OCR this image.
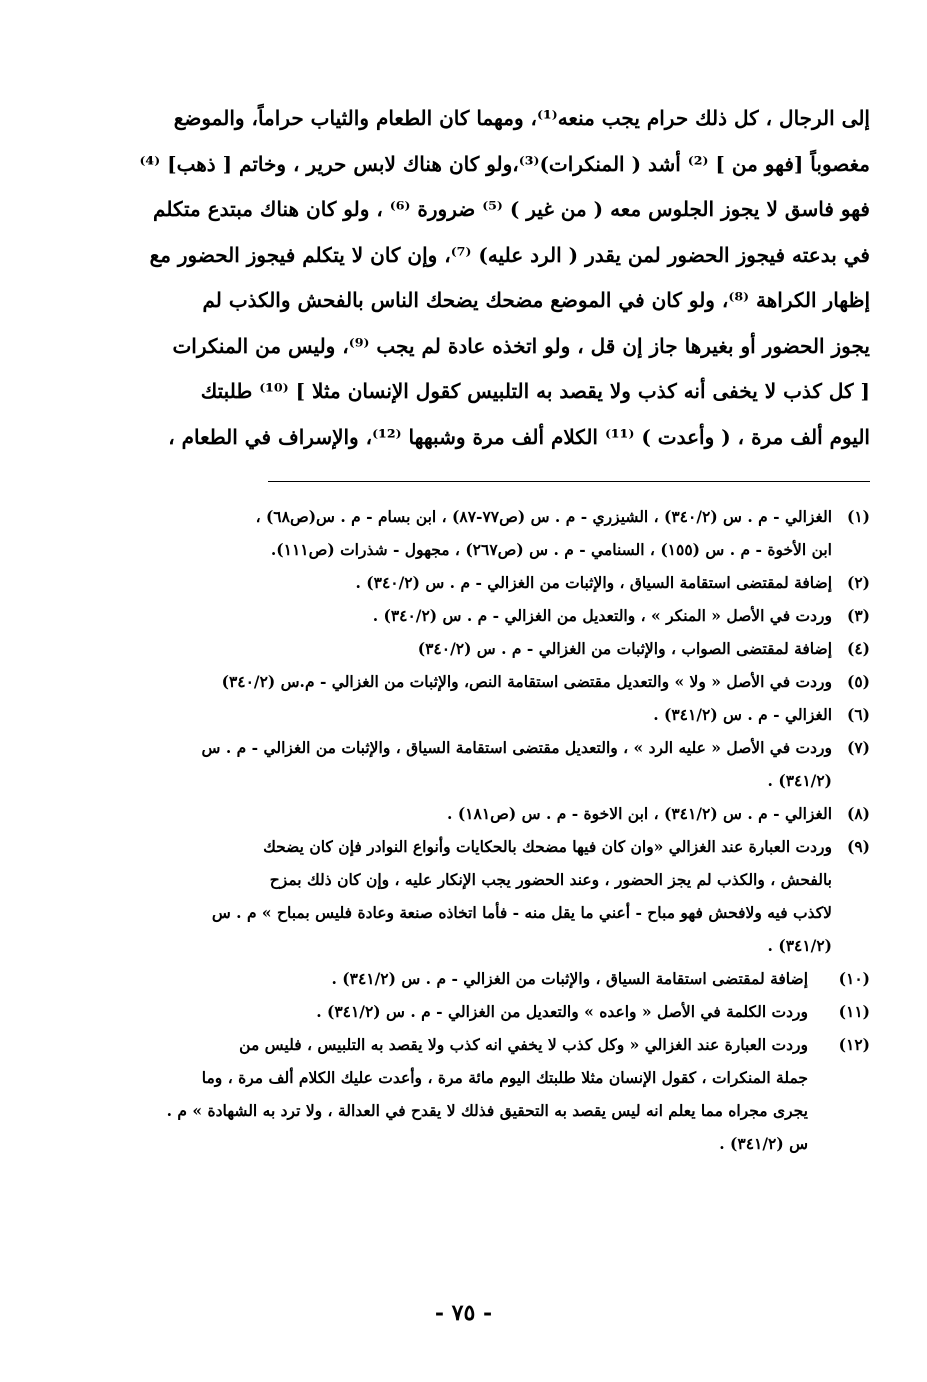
إلى الرجال ، كل ذلك حرام يجب منعه⁽¹⁾، ومهما كان الطعام والثياب حراماً، والموضع
مغصوباً [فهو من ] ⁽²⁾ أشد ( المنكرات)⁽³⁾،ولو كان هناك لابس حرير ، وخاتم [ ذهب] ⁽⁴⁾
فهو فاسق لا يجوز الجلوس معه ( من غير ) ⁽⁵⁾ ضرورة ⁽⁶⁾ ، ولو كان هناك مبتدع متكلم
في بدعته فيجوز الحضور لمن يقدر ( الرد عليه) ⁽⁷⁾، وإن كان لا يتكلم فيجوز الحضور مع
إظهار الكراهة ⁽⁸⁾، ولو كان في الموضع مضحك يضحك الناس بالفحش والكذب لم
يجوز الحضور أو بغيرها جاز إن قل ، ولو اتخذه عادة لم يجب ⁽⁹⁾، وليس من المنكرات
[ كل كذب لا يخفى أنه كذب ولا يقصد به التلبيس كقول الإنسان مثلا ] ⁽¹⁰⁾ طلبتك
اليوم ألف مرة ، ( وأعدت ) ⁽¹¹⁾ الكلام ألف مرة وشبهها ⁽¹²⁾، والإسراف في الطعام ،
(١)
الغزالي - م . س (٣٤٠/٢) ، الشيزري - م . س (ص٧٧-٨٧) ، ابن بسام - م . س(ص٦٨) ،
ابن الأخوة - م . س (١٥٥) ، السنامي - م . س (ص٢٦٧) ، مجهول - شذرات (ص١١١).
(٢)
إضافة لمقتضى استقامة السياق ، والإثبات من الغزالي - م . س (٣٤٠/٢) .
(٣)
وردت في الأصل « المنكر » ، والتعديل من الغزالي - م . س (٣٤٠/٢) .
(٤)
إضافة لمقتضى الصواب ، والإثبات من الغزالي - م . س (٣٤٠/٢)
(٥)
وردت في الأصل « ولا » والتعديل مقتضى استقامة النص، والإثبات من الغزالي - م.س (٣٤٠/٢)
(٦)
الغزالي - م . س (٣٤١/٢) .
(٧)
وردت في الأصل « عليه الرد » ، والتعديل مقتضى استقامة السياق ، والإثبات من الغزالي - م . س
(٣٤١/٢) .
(٨)
الغزالي - م . س (٣٤١/٢) ، ابن الاخوة - م . س (ص١٨١) .
(٩)
وردت العبارة عند الغزالي «وان كان فيها مضحك بالحكايات وأنواع النوادر فإن كان يضحك
بالفحش ، والكذب لم يجز الحضور ، وعند الحضور يجب الإنكار عليه ، وإن كان ذلك بمزح
لاكذب فيه ولافحش فهو مباح - أعني ما يقل منه - فأما اتخاذه صنعة وعادة فليس بمباح » م . س
(٣٤١/٢) .
(١٠)
إضافة لمقتضى استقامة السياق ، والإثبات من الغزالي - م . س (٣٤١/٢) .
(١١)
وردت الكلمة في الأصل « واعده » والتعديل من الغزالي - م . س (٣٤١/٢) .
(١٢)
وردت العبارة عند الغزالي « وكل كذب لا يخفي انه كذب ولا يقصد به التلبيس ، فليس من
جملة المنكرات ، كقول الإنسان مثلا طلبتك اليوم مائة مرة ، وأعدت عليك الكلام ألف مرة ، وما
يجرى مجراه مما يعلم انه ليس يقصد به التحقيق فذلك لا يقدح في العدالة ، ولا ترد به الشهادة » م .
س (٣٤١/٢) .
- ٧٥ -
